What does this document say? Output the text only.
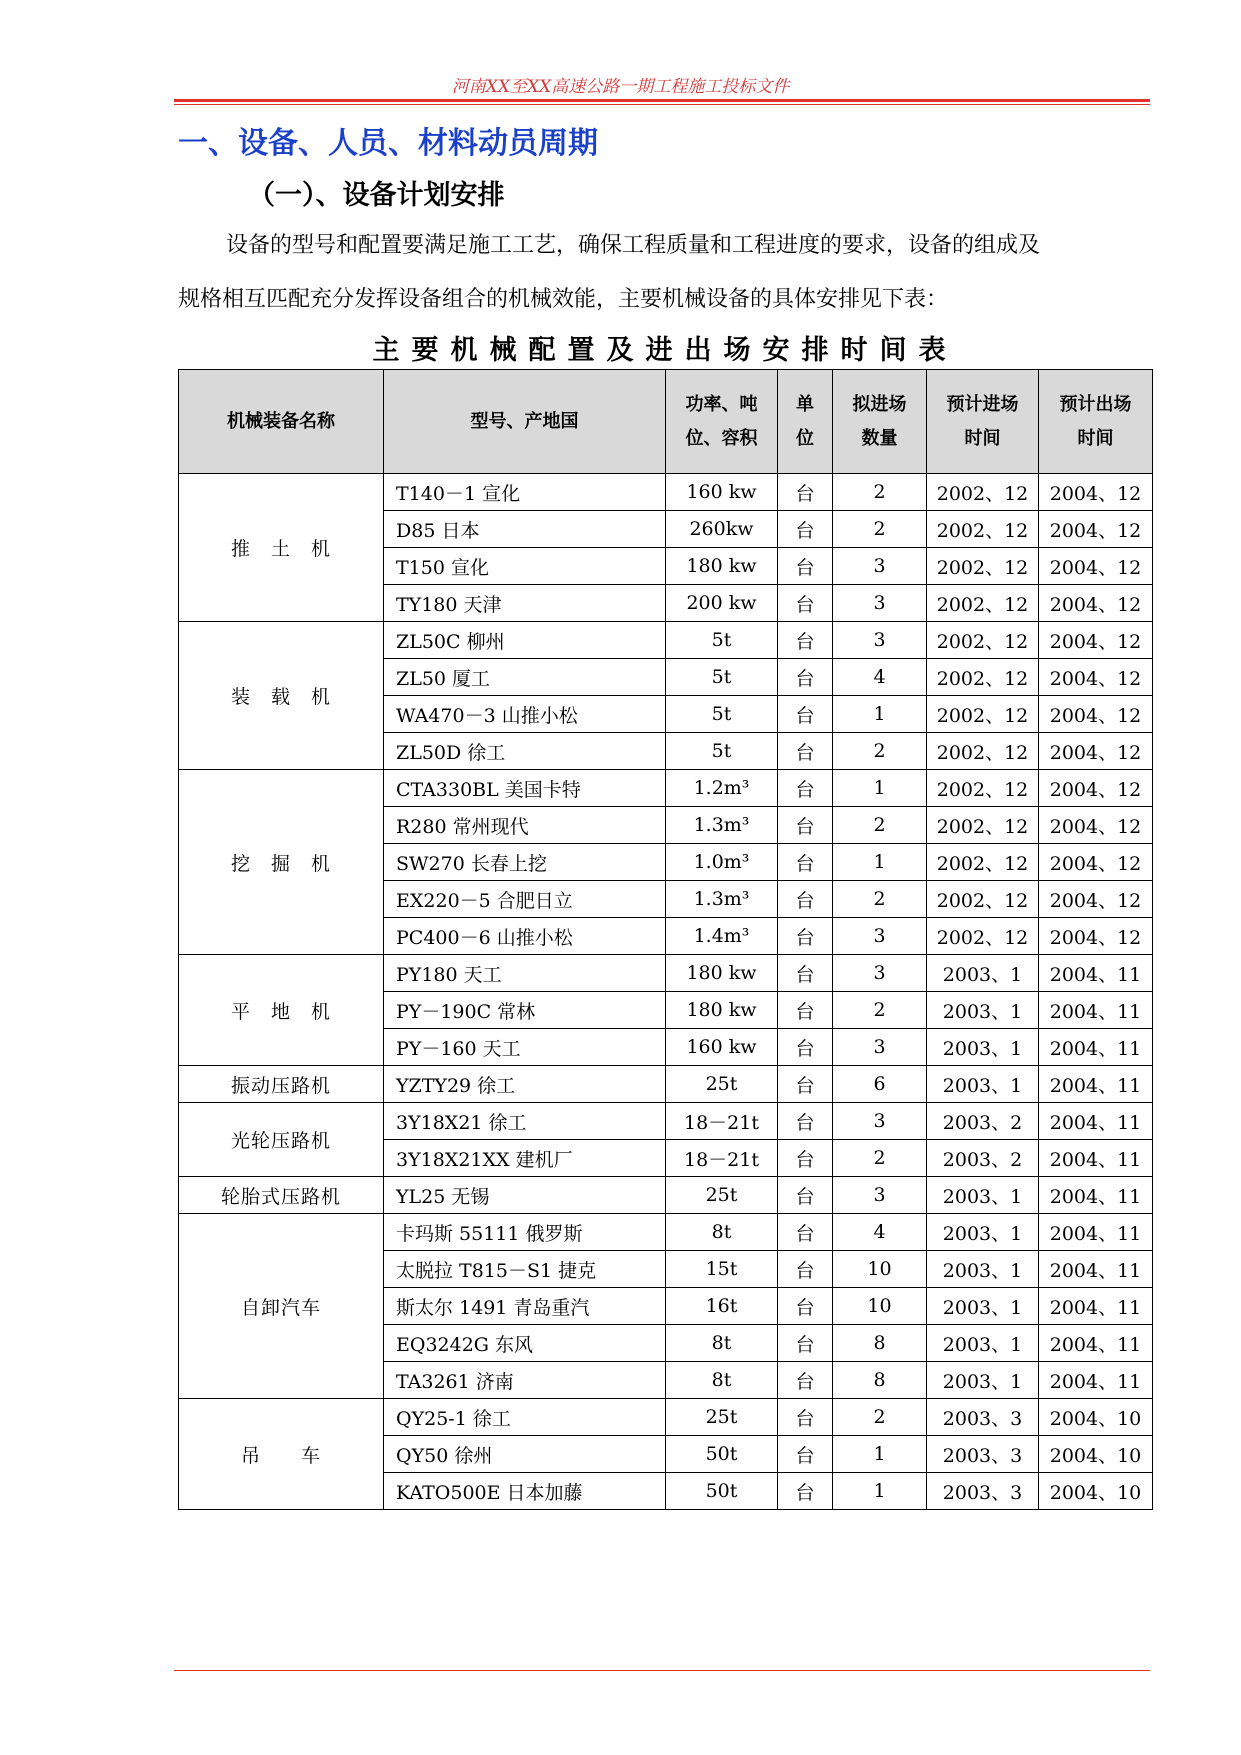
河南XX至XX高速公路一期工程施工投标文件
一、设备、人员、材料动员周期
（一）、设备计划安排
设备的型号和配置要满足施工工艺，确保工程质量和工程进度的要求，设备的组成及
规格相互匹配充分发挥设备组合的机械效能，主要机械设备的具体安排见下表：
主要机械配置及进出场安排时间表
机械装备名称	型号、产地国	功率、吨位、容积	单位	拟进场数量	预计进场时间	预计出场时间
推　土　机	T140－1 宣化	160 kw	台	2	2002、12	2004、12
	D85 日本	260kw	台	2	2002、12	2004、12
	T150 宣化	180 kw	台	3	2002、12	2004、12
	TY180 天津	200 kw	台	3	2002、12	2004、12
装　载　机	ZL50C 柳州	5t	台	3	2002、12	2004、12
	ZL50 厦工	5t	台	4	2002、12	2004、12
	WA470－3 山推小松	5t	台	1	2002、12	2004、12
	ZL50D 徐工	5t	台	2	2002、12	2004、12
挖　掘　机	CTA330BL 美国卡特	1.2m³	台	1	2002、12	2004、12
	R280 常州现代	1.3m³	台	2	2002、12	2004、12
	SW270 长春上挖	1.0m³	台	1	2002、12	2004、12
	EX220－5 合肥日立	1.3m³	台	2	2002、12	2004、12
	PC400－6 山推小松	1.4m³	台	3	2002、12	2004、12
平　地　机	PY180 天工	180 kw	台	3	2003、1	2004、11
	PY－190C 常林	180 kw	台	2	2003、1	2004、11
	PY－160 天工	160 kw	台	3	2003、1	2004、11
振动压路机	YZTY29 徐工	25t	台	6	2003、1	2004、11
光轮压路机	3Y18X21 徐工	18－21t	台	3	2003、2	2004、11
	3Y18X21XX 建机厂	18－21t	台	2	2003、2	2004、11
轮胎式压路机	YL25 无锡	25t	台	3	2003、1	2004、11
自卸汽车	卡玛斯 55111 俄罗斯	8t	台	4	2003、1	2004、11
	太脱拉 T815－S1 捷克	15t	台	10	2003、1	2004、11
	斯太尔 1491 青岛重汽	16t	台	10	2003、1	2004、11
	EQ3242G 东风	8t	台	8	2003、1	2004、11
	TA3261 济南	8t	台	8	2003、1	2004、11
吊　　车	QY25-1 徐工	25t	台	2	2003、3	2004、10
	QY50 徐州	50t	台	1	2003、3	2004、10
	KATO500E 日本加藤	50t	台	1	2003、3	2004、10
